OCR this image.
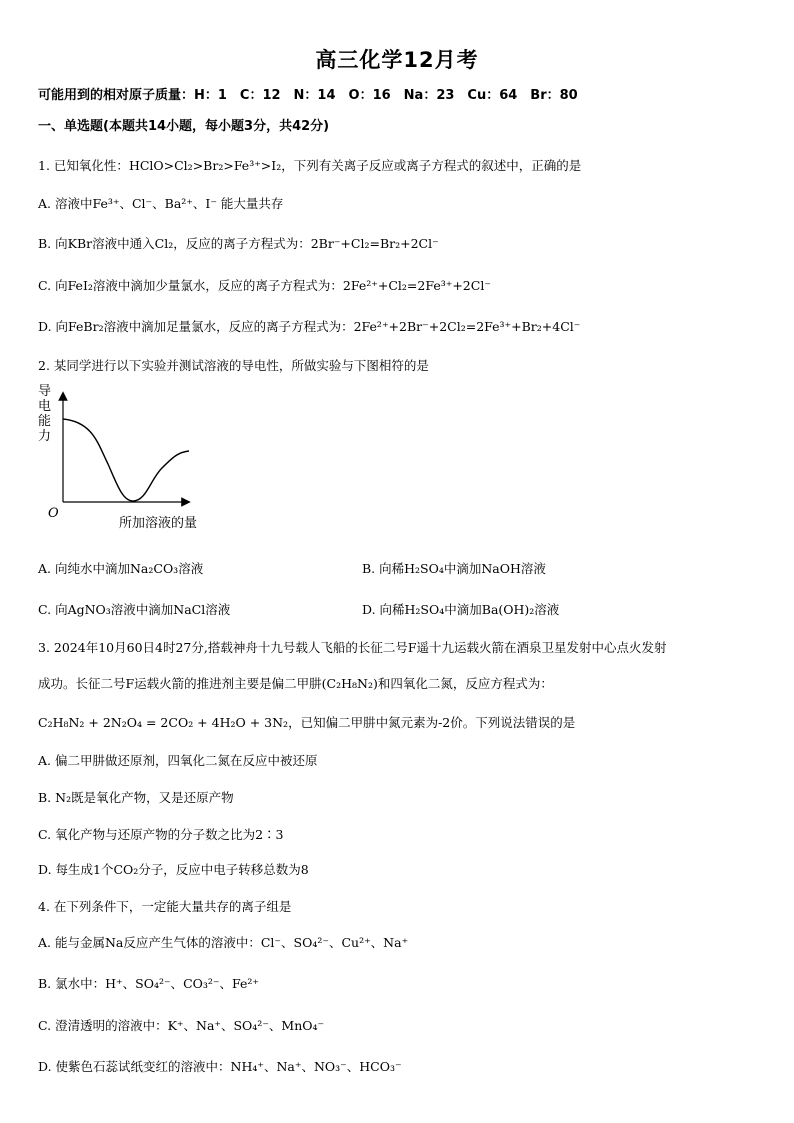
高三化学12月考
可能用到的相对原子质量：H：1　C：12　N：14　O：16　Na：23　Cu：64　Br：80
一、单选题(本题共14小题，每小题3分，共42分)
1. 已知氧化性：HClO>Cl₂>Br₂>Fe³⁺>I₂，下列有关离子反应或离子方程式的叙述中，正确的是
A. 溶液中Fe³⁺、Cl⁻、Ba²⁺、I⁻ 能大量共存
B. 向KBr溶液中通入Cl₂，反应的离子方程式为：2Br⁻+Cl₂=Br₂+2Cl⁻
C. 向FeI₂溶液中滴加少量氯水，反应的离子方程式为：2Fe²⁺+Cl₂=2Fe³⁺+2Cl⁻
D. 向FeBr₂溶液中滴加足量氯水，反应的离子方程式为：2Fe²⁺+2Br⁻+2Cl₂=2Fe³⁺+Br₂+4Cl⁻
2. 某同学进行以下实验并测试溶液的导电性，所做实验与下图相符的是
导电能力
O
所加溶液的量
A. 向纯水中滴加Na₂CO₃溶液	B. 向稀H₂SO₄中滴加NaOH溶液
C. 向AgNO₃溶液中滴加NaCl溶液	D. 向稀H₂SO₄中滴加Ba(OH)₂溶液
3. 2024年10月60日4时27分,搭载神舟十九号载人飞船的长征二号F遥十九运载火箭在酒泉卫星发射中心点火发射
成功。长征二号F运载火箭的推进剂主要是偏二甲肼(C₂H₈N₂)和四氧化二氮，反应方程式为：
C₂H₈N₂ + 2N₂O₄ = 2CO₂ + 4H₂O + 3N₂，已知偏二甲肼中氮元素为-2价。下列说法错误的是
A. 偏二甲肼做还原剂，四氧化二氮在反应中被还原
B. N₂既是氧化产物，又是还原产物
C. 氧化产物与还原产物的分子数之比为2∶3
D. 每生成1个CO₂分子，反应中电子转移总数为8
4. 在下列条件下，一定能大量共存的离子组是
A. 能与金属Na反应产生气体的溶液中：Cl⁻、SO₄²⁻、Cu²⁺、Na⁺
B. 氯水中：H⁺、SO₄²⁻、CO₃²⁻、Fe²⁺
C. 澄清透明的溶液中：K⁺、Na⁺、SO₄²⁻、MnO₄⁻
D. 使紫色石蕊试纸变红的溶液中：NH₄⁺、Na⁺、NO₃⁻、HCO₃⁻
